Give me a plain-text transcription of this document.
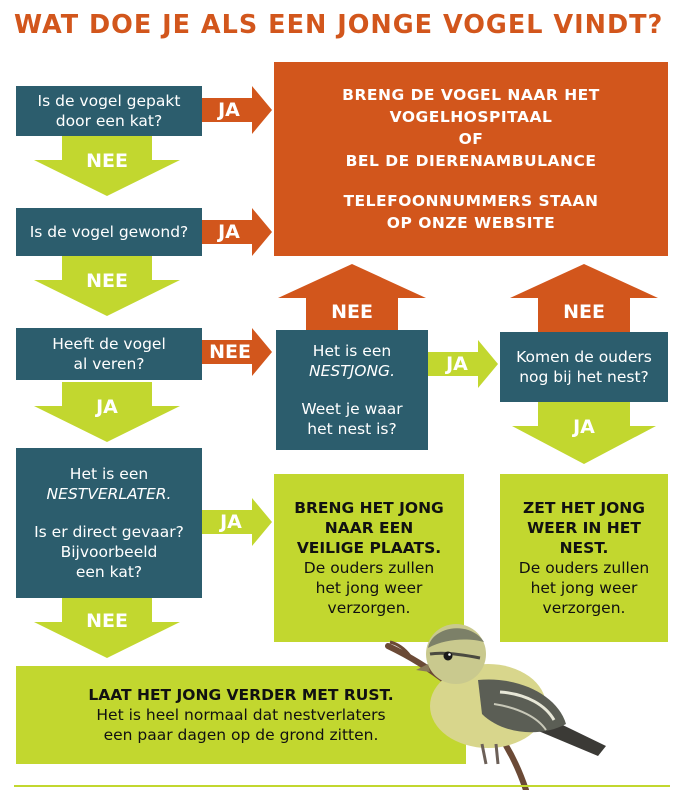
WAT DOE JE ALS EEN JONGE VOGEL VINDT?
NEE
NEE
JA
NEE
JA
JA
JA
NEE
JA
JA
NEE	NEE
Is de vogel gepakt
door een kat?
Is de vogel gewond?
Heeft de vogel
al veren?
Het is een
NESTVERLATER.
Is er direct gevaar?
Bijvoorbeeld
een kat?
Het is een
NESTJONG.
Weet je waar
het nest is?
Komen de ouders
nog bij het nest?
BRENG DE VOGEL NAAR HET
VOGELHOSPITAAL
OF
BEL DE DIERENAMBULANCE
TELEFOONNUMMERS STAAN
OP ONZE WEBSITE
BRENG HET JONG
NAAR EEN
VEILIGE PLAATS.
De ouders zullen
het jong weer
verzorgen.
ZET HET JONG
WEER IN HET
NEST.
De ouders zullen
het jong weer
verzorgen.
LAAT HET JONG VERDER MET RUST.
Het is heel normaal dat nestverlaters
een paar dagen op de grond zitten.
